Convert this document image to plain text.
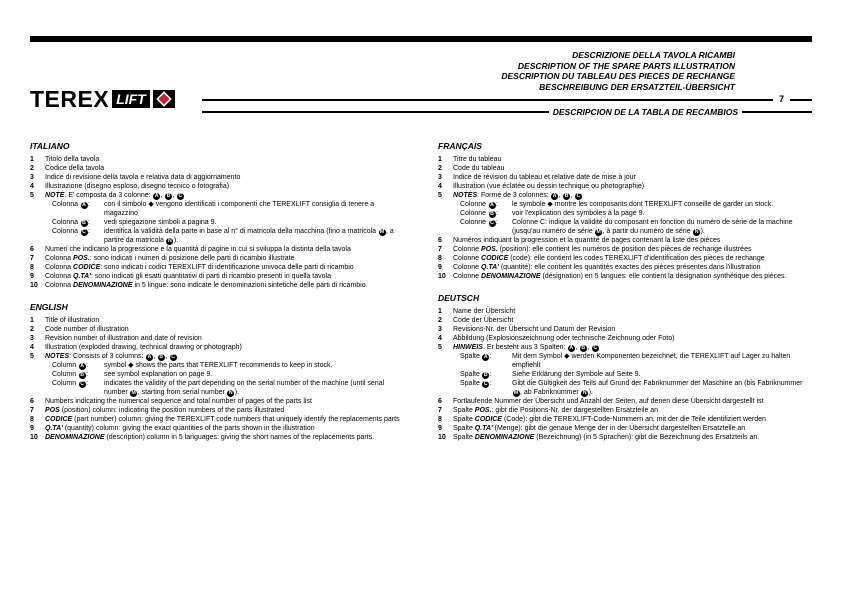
TEREX LIFT
DESCRIZIONE DELLA TAVOLA RICAMBI
DESCRIPTION OF THE SPARE PARTS ILLUSTRATION
DESCRIPTION DU TABLEAU DES PIECES DE RECHANGE
BESCHREIBUNG DER ERSATZTEIL-ÜBERSICHT
7
DESCRIPCION DE LA TABLA DE RECAMBIOS
ITALIANO
1	Titolo della tavola
2	Codice della tavola
3	Indice di revisione della tavola e relativa data di aggiornamento
4	Illustrazione (disegno esploso, disegno tecnico o fotografia)
5	NOTE. E' composta da 3 colonne: A , B , C
Colonna A :	con il simbolo ◆ vengono identificati i componenti che TEREXLIFT consiglia di tenere a magazzino
Colonna B :	vedi spiegazione simboli a pagina 9.
Colonna C :	identifica la validità della parte in base al n° di matricola della macchina (fino a matricola M , a partire da matricola N ).
6	Numeri che indicano la progressione e la quantità di pagine in cui si sviluppa la distinta della tavola
7	Colonna POS.: sono indicati i numeri di posizione delle parti di ricambio illustrate
8	Colonna CODICE: sono indicati i codici TEREXLIFT di identificazione univoca delle parti di ricambio
9	Colonna Q.TA': sono indicati gli esatti quantitativi di parti di ricambio presenti in quella tavola
10	Colonna DENOMINAZIONE in 5 lingue: sono indicate le denominazioni sintetiche delle parti di ricambio.
ENGLISH
1	Title of illustration
2	Code number of illustration
3	Revision number of illustration and date of revision
4	Illustration (exploded drawing, technical drawing or photograph)
5	NOTES: Consists of 3 columns: A , B , C .
Column A :	symbol ◆ shows the parts that TEREXLIFT recommends to keep in stock.
Column B :	see symbol explanation on page 9.
Column C :	indicates the validity of the part depending on the serial number of the machine (until serial number M , starting from serial number N ).
6	Numbers indicating the numerical sequence and total number of pages of the parts list
7	POS (position) column: indicating the position numbers of the parts illustrated
8	CODICE (part number) column: giving the TEREXLIFT code numbers that uniquely identify the replacements parts
9	Q.TA' (quantity) column: giving the exact quantities of the parts shown in the illustration
10	DENOMINAZIONE (description) column in 5 languages: giving the short names of the replacements parts.
FRANÇAIS
1	Titre du tableau
2	Code du tableau
3	Indice de révision du tableau et relative date de mise à jour
4	Illustration (vue éclatée ou dessin technique ou photographie)
5	NOTES. Formé de 3 colonnes: A , B , C
Colonne A :	le symbole ◆ montre les composants dont TEREXLIFT conseille de garder un stock.
Colonne B :	voir l'explication des symboles à la page 9.
Colonne C :	Colonne C: indique la validité du composant en fonction du numéro de série de la machine (jusqu'au numéro de série M , à partir du numéro de série N ).
6	Numéros indiquant la progression et la quantité de pages contenant la liste des pièces
7	Colonne POS. (position): elle contient les numéros de position des pièces de rechange illustrées
8	Colonne CODICE (code): elle contient les codes TEREXLIFT d'identification des pièces de rechange
9	Colonne Q.TA' (quantité): elle contient les quantités exactes des pièces présentes dans l'illustration
10	Colonne DENOMINAZIONE (désignation) en 5 langues: elle contient la désignation synthétique des pièces.
DEUTSCH
1	Name der Übersicht
2	Code der Übersicht
3	Revisions-Nr. der Übersicht und Datum der Revision
4	Abbildung (Explosionszeichnung oder technische Zeichnung oder Foto)
5	HINWEIS. Er besteht aus 3 Spalten: A , B , C
Spalte A :	Mit dem Symbol ◆ werden Komponenten bezeichnet, die TEREXLIFT auf Lager zu halten empfiehlt
Spalte B :	Siehe Erklärung der Symbole auf Seite 9.
Spalte C :	Gibt die Gültigkeit des Teils auf Grund der Fabriknummer der Maschine an (bis Fabriknummer M , ab Fabriknummer N ).
6	Fortlaufende Nummer der Übersicht und Anzahl der Seiten, auf denen diese Übersicht dargestellt ist
7	Spalte POS.: gibt die Positions-Nr. der dargestellten Ersatzteile an
8	Spalte CODICE (Code): gibt die TEREXLIFT-Code-Nummern an, mit der die Teile identifiziert werden
9	Spalte Q.TA' (Menge): gibt die genaue Menge der in der Übersicht dargestellten Ersatzteile an
10	Spalte DENOMINAZIONE (Bezeichnung) (in 5 Sprachen): gibt die Bezeichnung des Ersatzteils an.
